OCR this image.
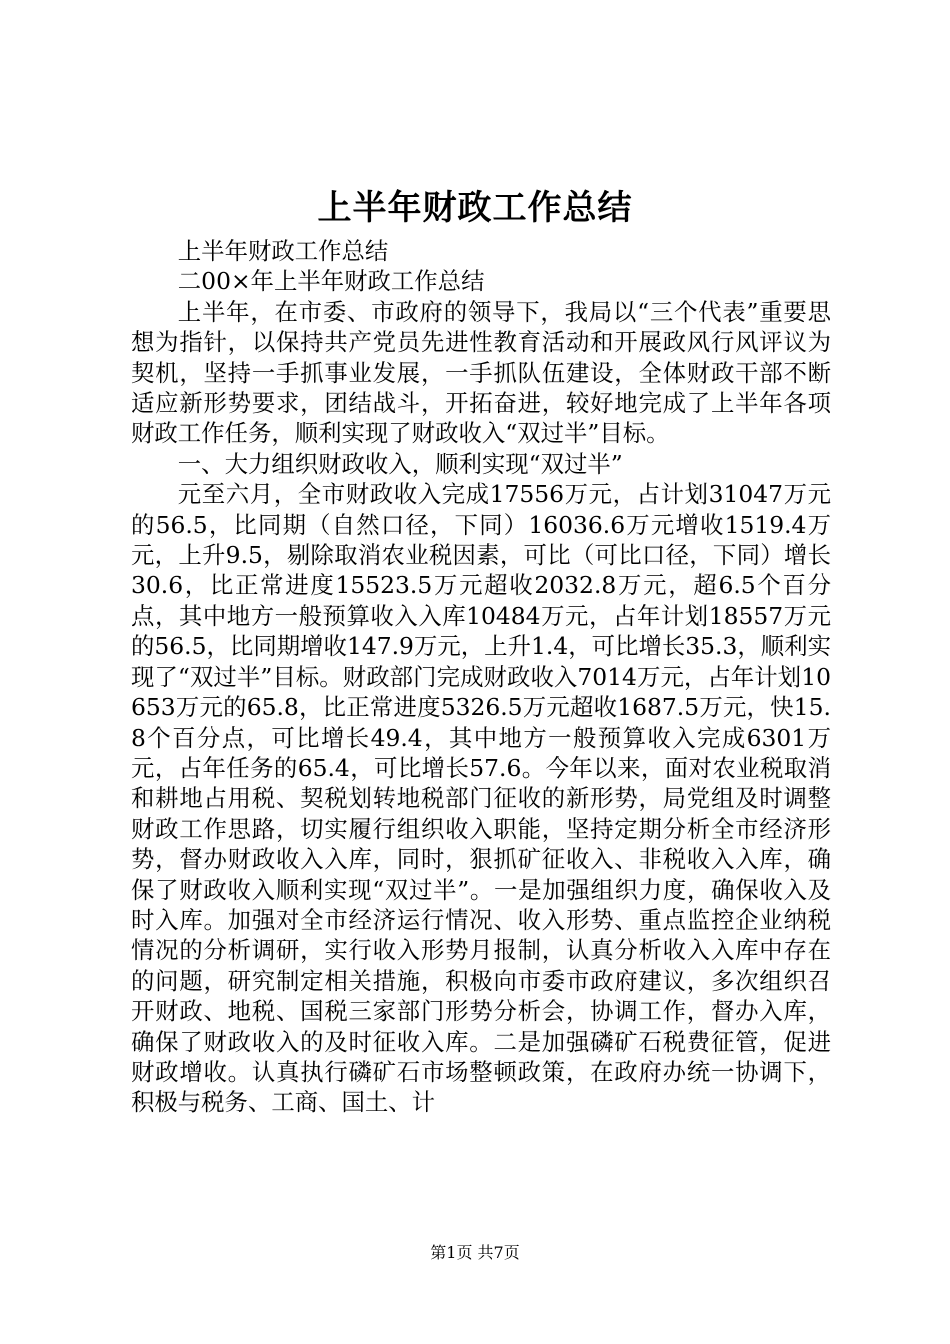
上半年财政工作总结

上半年财政工作总结

二00×年上半年财政工作总结

上半年，在市委、市政府的领导下，我局以“三个代表”重要思想为指针，以保持共产党员先进性教育活动和开展政风行风评议为契机，坚持一手抓事业发展，一手抓队伍建设，全体财政干部不断适应新形势要求，团结战斗，开拓奋进，较好地完成了上半年各项财政工作任务，顺利实现了财政收入“双过半”目标。

一、大力组织财政收入，顺利实现“双过半”

元至六月，全市财政收入完成17556万元，占计划31047万元的56.5，比同期（自然口径，下同）16036.6万元增收1519.4万元，上升9.5，剔除取消农业税因素，可比（可比口径，下同）增长30.6，比正常进度15523.5万元超收2032.8万元，超6.5个百分点，其中地方一般预算收入入库10484万元，占年计划18557万元的56.5，比同期增收147.9万元，上升1.4，可比增长35.3，顺利实现了“双过半”目标。财政部门完成财政收入7014万元，占年计划10653万元的65.8，比正常进度5326.5万元超收1687.5万元，快15.8个百分点，可比增长49.4，其中地方一般预算收入完成6301万元，占年任务的65.4，可比增长57.6。今年以来，面对农业税取消和耕地占用税、契税划转地税部门征收的新形势，局党组及时调整财政工作思路，切实履行组织收入职能，坚持定期分析全市经济形势，督办财政收入入库，同时，狠抓矿征收入、非税收入入库，确保了财政收入顺利实现“双过半”。一是加强组织力度，确保收入及时入库。加强对全市经济运行情况、收入形势、重点监控企业纳税情况的分析调研，实行收入形势月报制，认真分析收入入库中存在的问题，研究制定相关措施，积极向市委市政府建议，多次组织召开财政、地税、国税三家部门形势分析会，协调工作，督办入库，确保了财政收入的及时征收入库。二是加强磷矿石税费征管，促进财政增收。认真执行磷矿石市场整顿政策，在政府办统一协调下，积极与税务、工商、国土、计

第1页 共7页
